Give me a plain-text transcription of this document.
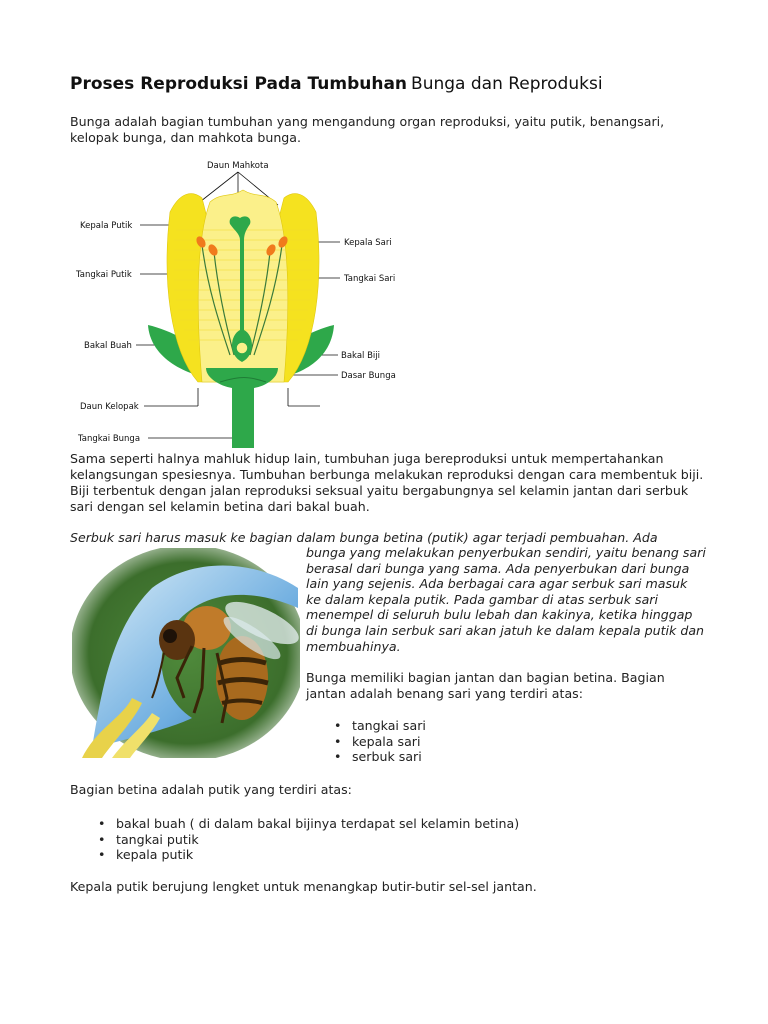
Proses Reproduksi Pada Tumbuhan Bunga dan Reproduksi

Bunga adalah bagian tumbuhan yang mengandung organ reproduksi, yaitu putik, benangsari, kelopak bunga, dan mahkota bunga.

Daun Mahkota
Kepala Putik
Tangkai Putik
Bakal Buah
Daun Kelopak
Tangkai Bunga
Kepala Sari
Tangkai Sari
Bakal Biji
Dasar Bunga

Sama seperti halnya mahluk hidup lain, tumbuhan juga bereproduksi untuk mempertahankan kelangsungan spesiesnya. Tumbuhan berbunga melakukan reproduksi dengan cara membentuk biji. Biji terbentuk dengan jalan reproduksi seksual yaitu bergabungnya sel kelamin jantan dari serbuk sari dengan sel kelamin betina dari bakal buah.

Serbuk sari harus masuk ke bagian dalam bunga betina (putik) agar terjadi pembuahan. Ada

bunga yang melakukan penyerbukan sendiri, yaitu benang sari berasal dari bunga yang sama. Ada penyerbukan dari bunga lain yang sejenis. Ada berbagai cara agar serbuk sari masuk ke dalam kepala putik. Pada gambar di atas serbuk sari menempel di seluruh bulu lebah dan kakinya, ketika hinggap di bunga lain serbuk sari akan jatuh ke dalam kepala putik dan membuahinya.

Bunga memiliki bagian jantan dan bagian betina. Bagian jantan adalah benang sari yang terdiri atas:

• tangkai sari
• kepala sari
• serbuk sari

Bagian betina adalah putik yang terdiri atas:

• bakal buah ( di dalam bakal bijinya terdapat sel kelamin betina)
• tangkai putik
• kepala putik

Kepala putik berujung lengket untuk menangkap butir-butir sel-sel jantan.
